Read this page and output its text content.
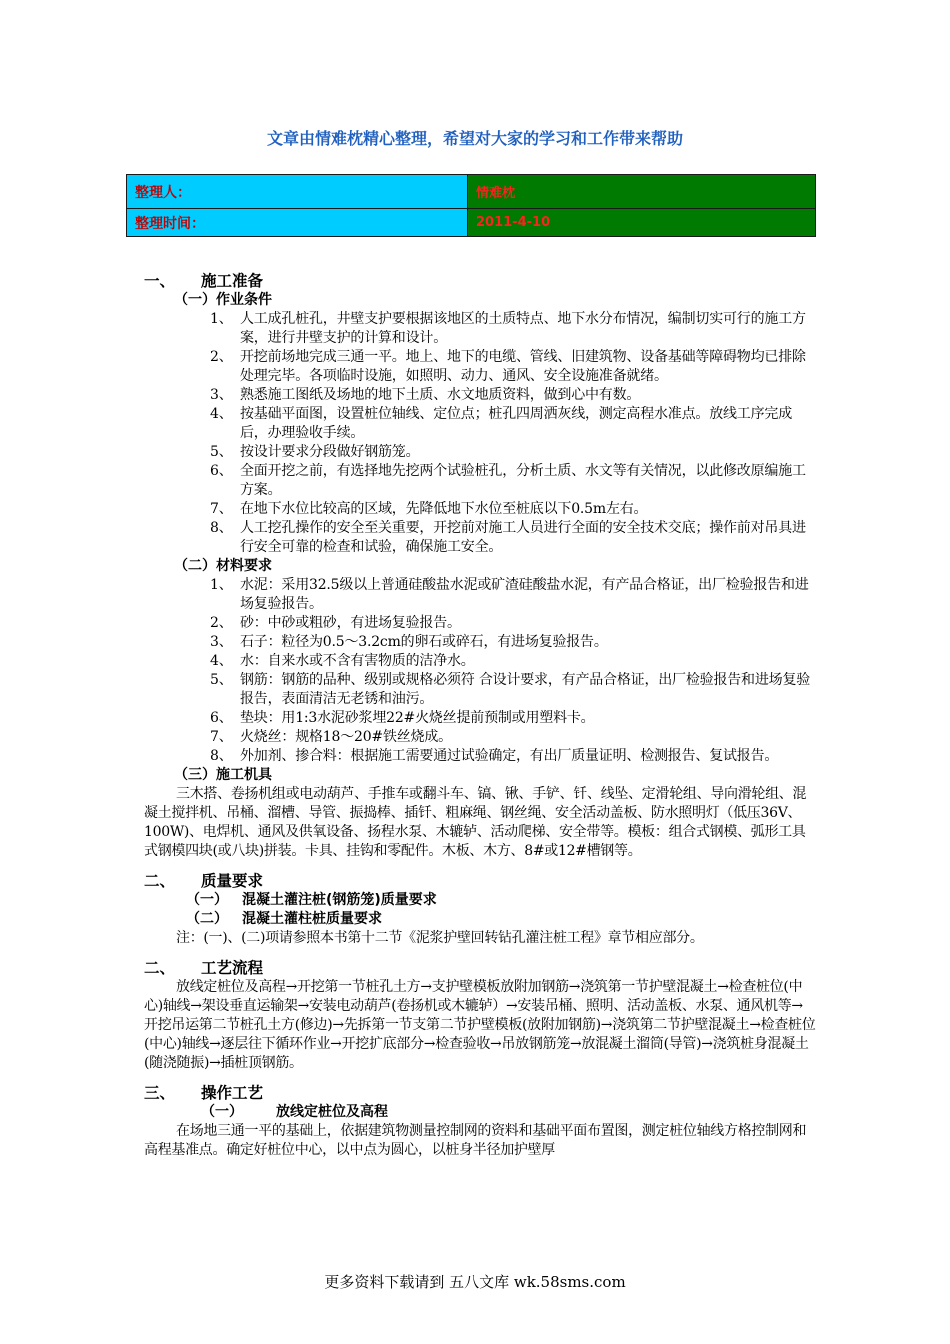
文章由情难枕精心整理，希望对大家的学习和工作带来帮助
整理人：	情难枕
整理时间：	2011-4-10
一、 施工准备
（一）作业条件
1、 人工成孔桩孔，井壁支护要根据该地区的土质特点、地下水分布情况，编制切实可行的施工方案，进行井壁支护的计算和设计。
2、 开挖前场地完成三通一平。地上、地下的电缆、管线、旧建筑物、设备基础等障碍物均已排除处理完毕。各项临时设施，如照明、动力、通风、安全设施准备就绪。
3、 熟悉施工图纸及场地的地下土质、水文地质资料，做到心中有数。
4、 按基础平面图，设置桩位轴线、定位点；桩孔四周洒灰线，测定高程水准点。放线工序完成后，办理验收手续。
5、 按设计要求分段做好钢筋笼。
6、 全面开挖之前，有选择地先挖两个试验桩孔，分析土质、水文等有关情况，以此修改原编施工方案。
7、 在地下水位比较高的区域，先降低地下水位至桩底以下0.5m左右。
8、 人工挖孔操作的安全至关重要，开挖前对施工人员进行全面的安全技术交底；操作前对吊具进行安全可靠的检查和试验，确保施工安全。
（二）材料要求
1、 水泥：采用32.5级以上普通硅酸盐水泥或矿渣硅酸盐水泥，有产品合格证，出厂检验报告和进场复验报告。
2、 砂：中砂或粗砂，有进场复验报告。
3、 石子：粒径为0.5～3.2cm的卵石或碎石，有进场复验报告。
4、 水：自来水或不含有害物质的洁净水。
5、 钢筋：钢筋的品种、级别或规格必须符 合设计要求，有产品合格证，出厂检验报告和进场复验报告，表面清洁无老锈和油污。
6、 垫块：用1:3水泥砂浆埋22#火烧丝提前预制或用塑料卡。
7、 火烧丝：规格18～20#铁丝烧成。
8、 外加剂、掺合料：根据施工需要通过试验确定，有出厂质量证明、检测报告、复试报告。
（三）施工机具
三木搭、卷扬机组或电动葫芦、手推车或翻斗车、镐、锹、手铲、钎、线坠、定滑轮组、导向滑轮组、混凝土搅拌机、吊桶、溜槽、导管、振捣棒、插钎、粗麻绳、钢丝绳、安全活动盖板、防水照明灯（低压36V、100W)、电焊机、通风及供氧设备、扬程水泵、木辘轳、活动爬梯、安全带等。模板：组合式钢模、弧形工具式钢模四块(或八块)拼装。卡具、挂钩和零配件。木板、木方、8#或12#槽钢等。
二、 质量要求
（一） 混凝土灌注桩(钢筋笼)质量要求
（二） 混凝土灌柱桩质量要求
注：(一)、(二)项请参照本书第十二节《泥浆护壁回转钻孔灌注桩工程》章节相应部分。
二、 工艺流程
放线定桩位及高程→开挖第一节桩孔土方→支护壁模板放附加钢筋→浇筑第一节护壁混凝土→检查桩位(中心)轴线→架设垂直运输架→安装电动葫芦(卷扬机或木辘轳）→安装吊桶、照明、活动盖板、水泵、通风机等→开挖吊运第二节桩孔土方(修边)→先拆第一节支第二节护壁模板(放附加钢筋)→浇筑第二节护壁混凝土→检查桩位(中心)轴线→逐层往下循环作业→开挖扩底部分→检查验收→吊放钢筋笼→放混凝土溜筒(导管)→浇筑桩身混凝土(随浇随振)→插桩顶钢筋。
三、 操作工艺
（一） 放线定桩位及高程
在场地三通一平的基础上，依据建筑物测量控制网的资料和基础平面布置图，测定桩位轴线方格控制网和高程基准点。确定好桩位中心，以中点为圆心，以桩身半径加护壁厚
更多资料下载请到 五八文库 wk.58sms.com
